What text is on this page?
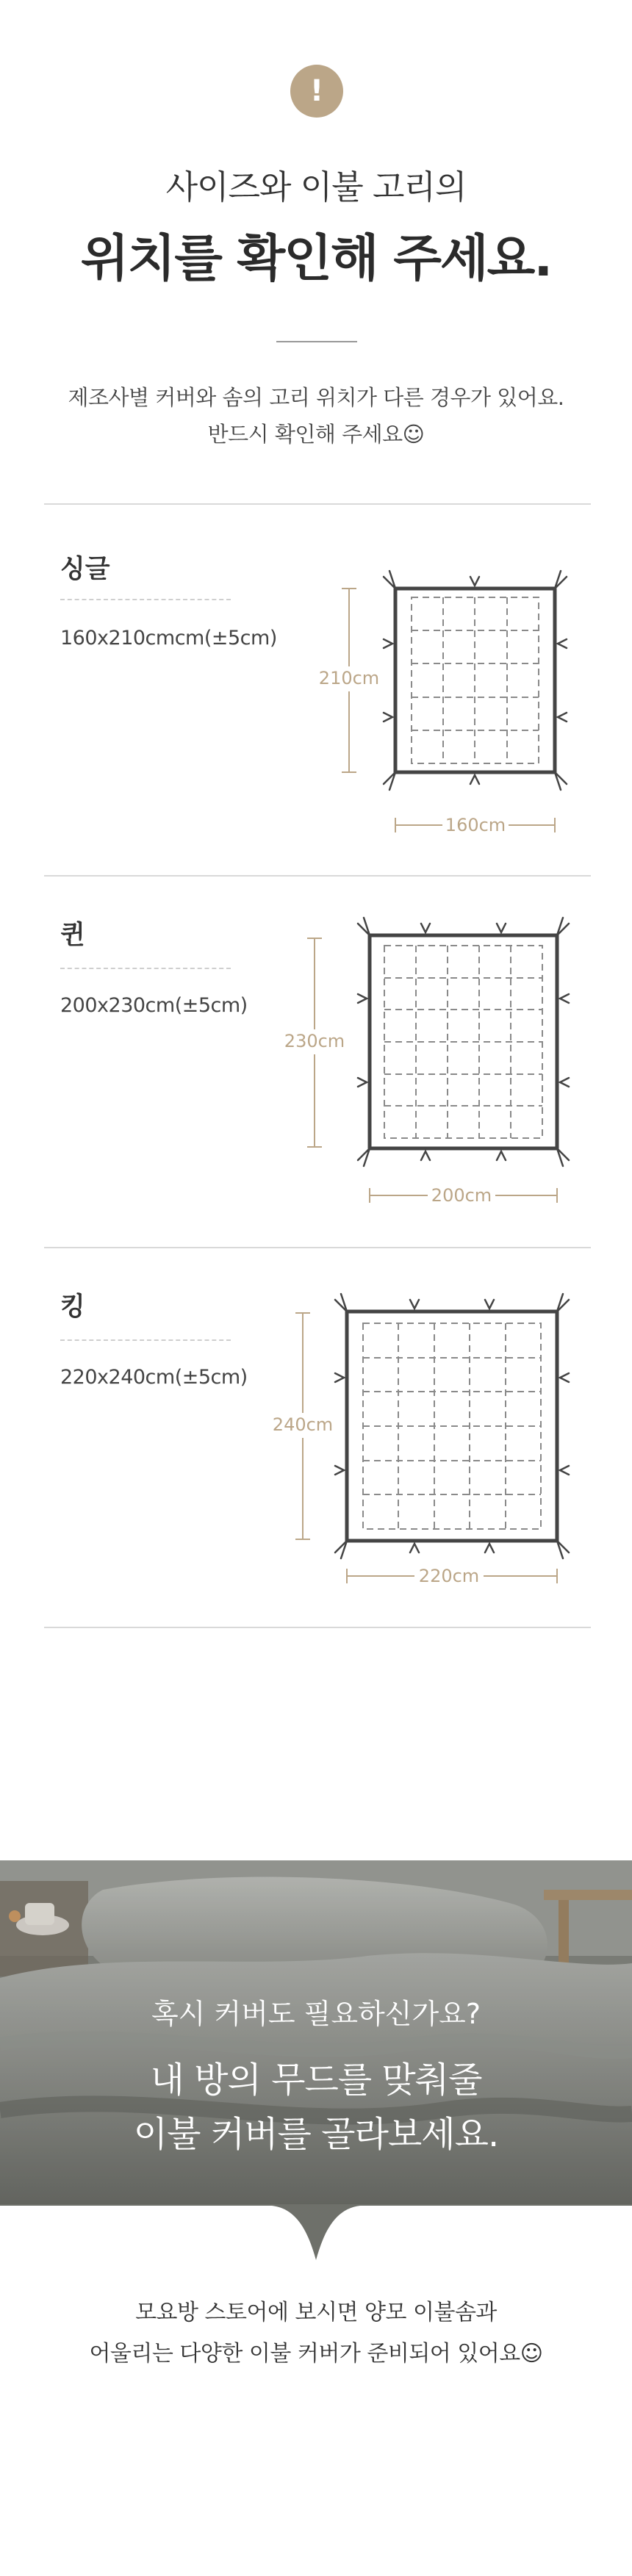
!
사이즈와 이불 고리의
위치를 확인해 주세요.
제조사별 커버와 솜의 고리 위치가 다른 경우가 있어요.
반드시 확인해 주세요☺
싱글
160x210cmcm(±5cm)
210cm
160cm
퀸
200x230cm(±5cm)
230cm
200cm
킹
220x240cm(±5cm)
240cm
220cm
혹시 커버도 필요하신가요?
내 방의 무드를 맞춰줄
이불 커버를 골라보세요.
모요방 스토어에 보시면 양모 이불솜과
어울리는 다양한 이불 커버가 준비되어 있어요☺
